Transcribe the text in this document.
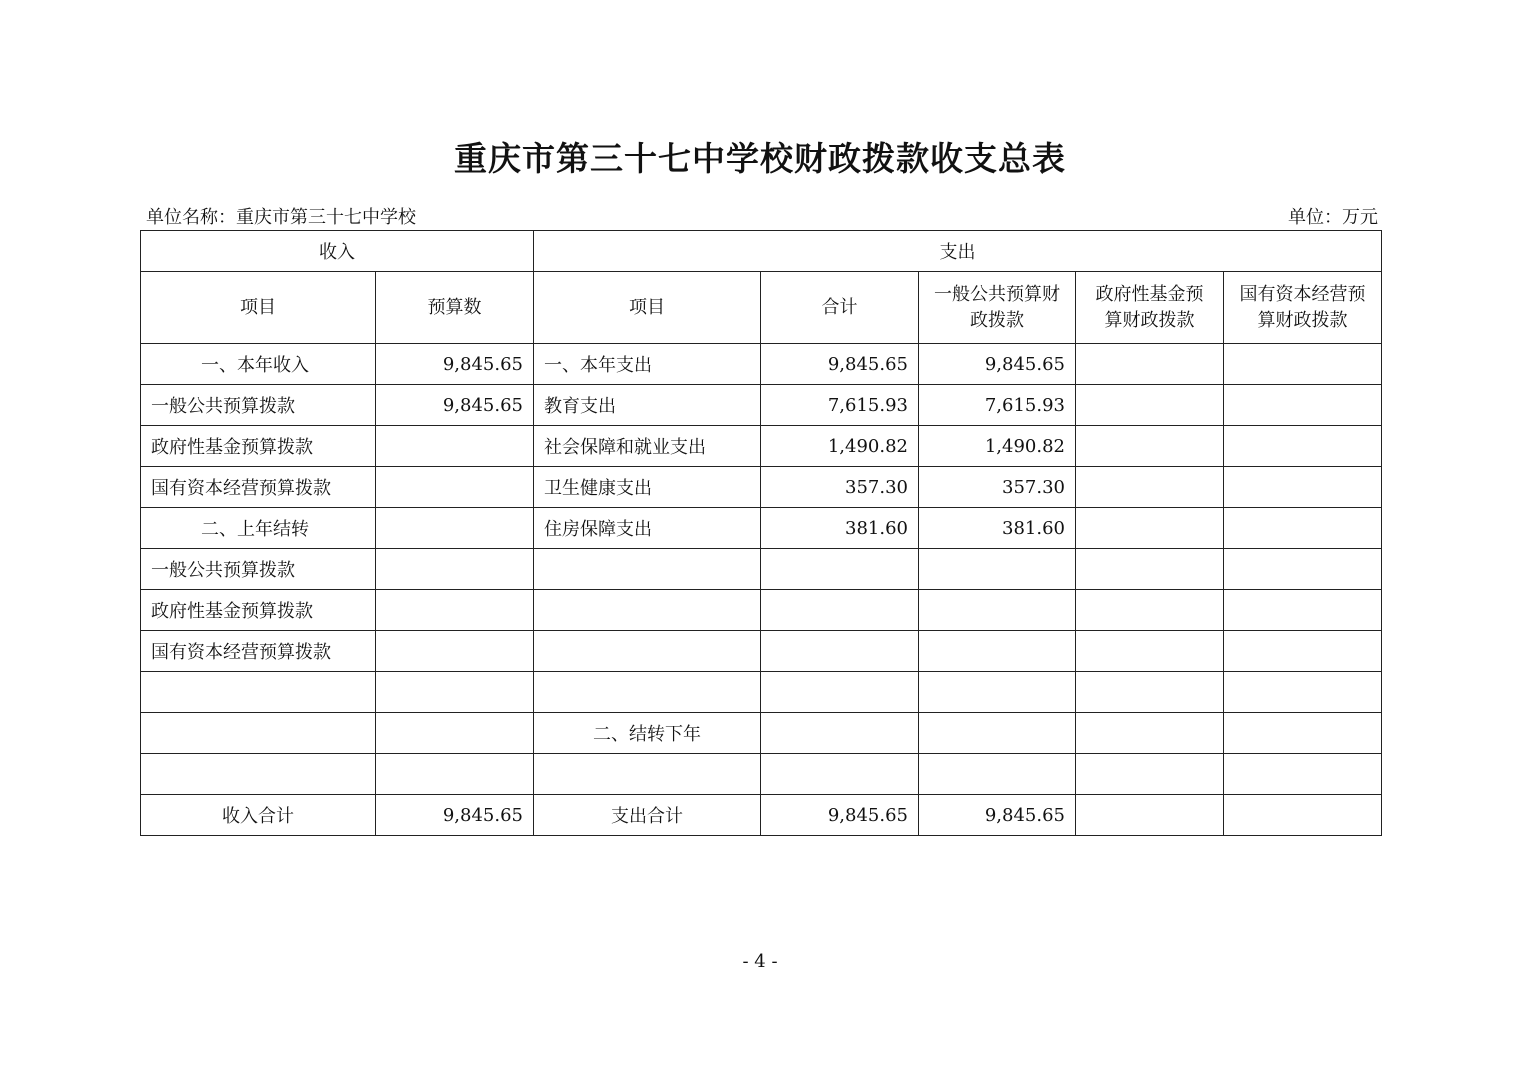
重庆市第三十七中学校财政拨款收支总表
单位名称：重庆市第三十七中学校	单位：万元
收入		支出				
项目	预算数	项目	合计	一般公共预算财政拨款	政府性基金预算财政拨款	国有资本经营预算财政拨款
一、本年收入	9,845.65	一、本年支出	9,845.65	9,845.65		
一般公共预算拨款	9,845.65	教育支出	7,615.93	7,615.93		
政府性基金预算拨款		社会保障和就业支出	1,490.82	1,490.82		
国有资本经营预算拨款		卫生健康支出	357.30	357.30		
二、上年结转		住房保障支出	381.60	381.60		
一般公共预算拨款						
政府性基金预算拨款						
国有资本经营预算拨款						

		二、结转下年				

收入合计	9,845.65	支出合计	9,845.65	9,845.65		
- 4 -
